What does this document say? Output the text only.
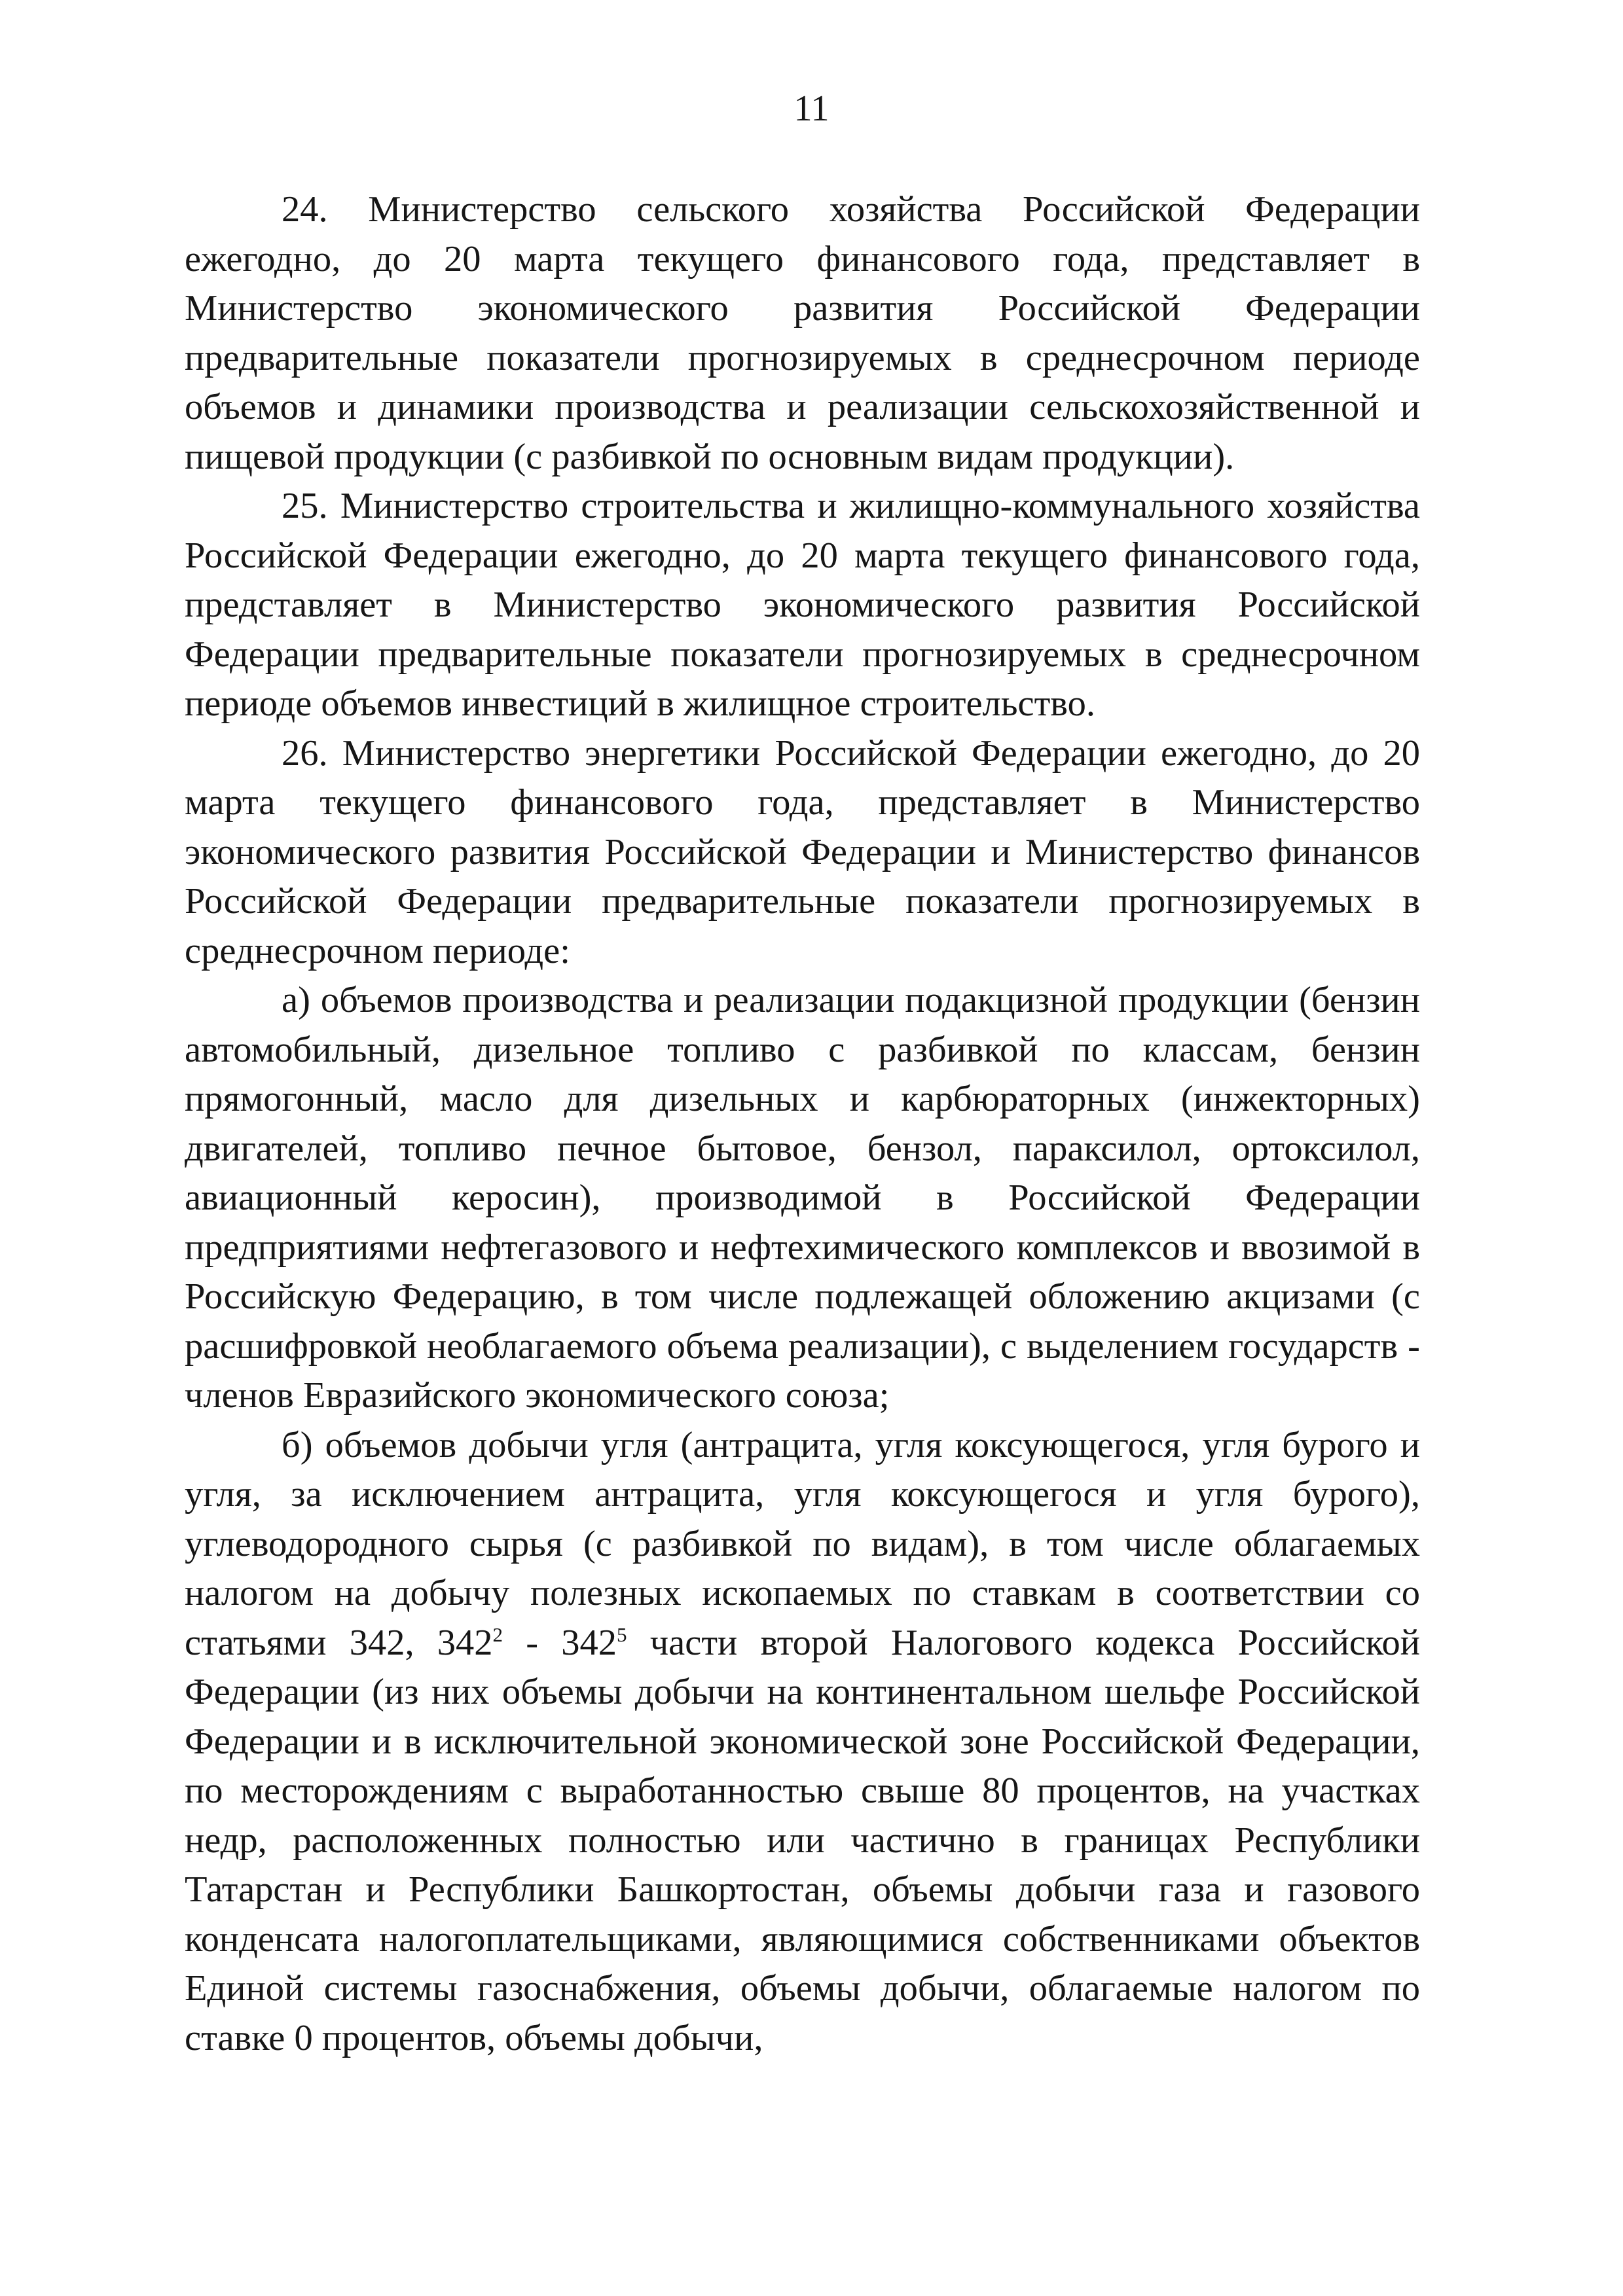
11

24. Министерство сельского хозяйства Российской Федерации ежегодно, до 20 марта текущего финансового года, представляет в Министерство экономического развития Российской Федерации предварительные показатели прогнозируемых в среднесрочном периоде объемов и динамики производства и реализации сельскохозяйственной и пищевой продукции (с разбивкой по основным видам продукции).

25. Министерство строительства и жилищно-коммунального хозяйства Российской Федерации ежегодно, до 20 марта текущего финансового года, представляет в Министерство экономического развития Российской Федерации предварительные показатели прогнозируемых в среднесрочном периоде объемов инвестиций в жилищное строительство.

26. Министерство энергетики Российской Федерации ежегодно, до 20 марта текущего финансового года, представляет в Министерство экономического развития Российской Федерации и Министерство финансов Российской Федерации предварительные показатели прогнозируемых в среднесрочном периоде:

а) объемов производства и реализации подакцизной продукции (бензин автомобильный, дизельное топливо с разбивкой по классам, бензин прямогонный, масло для дизельных и карбюраторных (инжекторных) двигателей, топливо печное бытовое, бензол, параксилол, ортоксилол, авиационный керосин), производимой в Российской Федерации предприятиями нефтегазового и нефтехимического комплексов и ввозимой в Российскую Федерацию, в том числе подлежащей обложению акцизами (с расшифровкой необлагаемого объема реализации), с выделением государств - членов Евразийского экономического союза;

б) объемов добычи угля (антрацита, угля коксующегося, угля бурого и угля, за исключением антрацита, угля коксующегося и угля бурого), углеводородного сырья (с разбивкой по видам), в том числе облагаемых налогом на добычу полезных ископаемых по ставкам в соответствии со статьями 342, $342^2 - 342^5$ части второй Налогового кодекса Российской Федерации (из них объемы добычи на континентальном шельфе Российской Федерации и в исключительной экономической зоне Российской Федерации, по месторождениям с выработанностью свыше 80 процентов, на участках недр, расположенных полностью или частично в границах Республики Татарстан и Республики Башкортостан, объемы добычи газа и газового конденсата налогоплательщиками, являющимися собственниками объектов Единой системы газоснабжения, объемы добычи, облагаемые налогом по ставке 0 процентов, объемы добычи,
